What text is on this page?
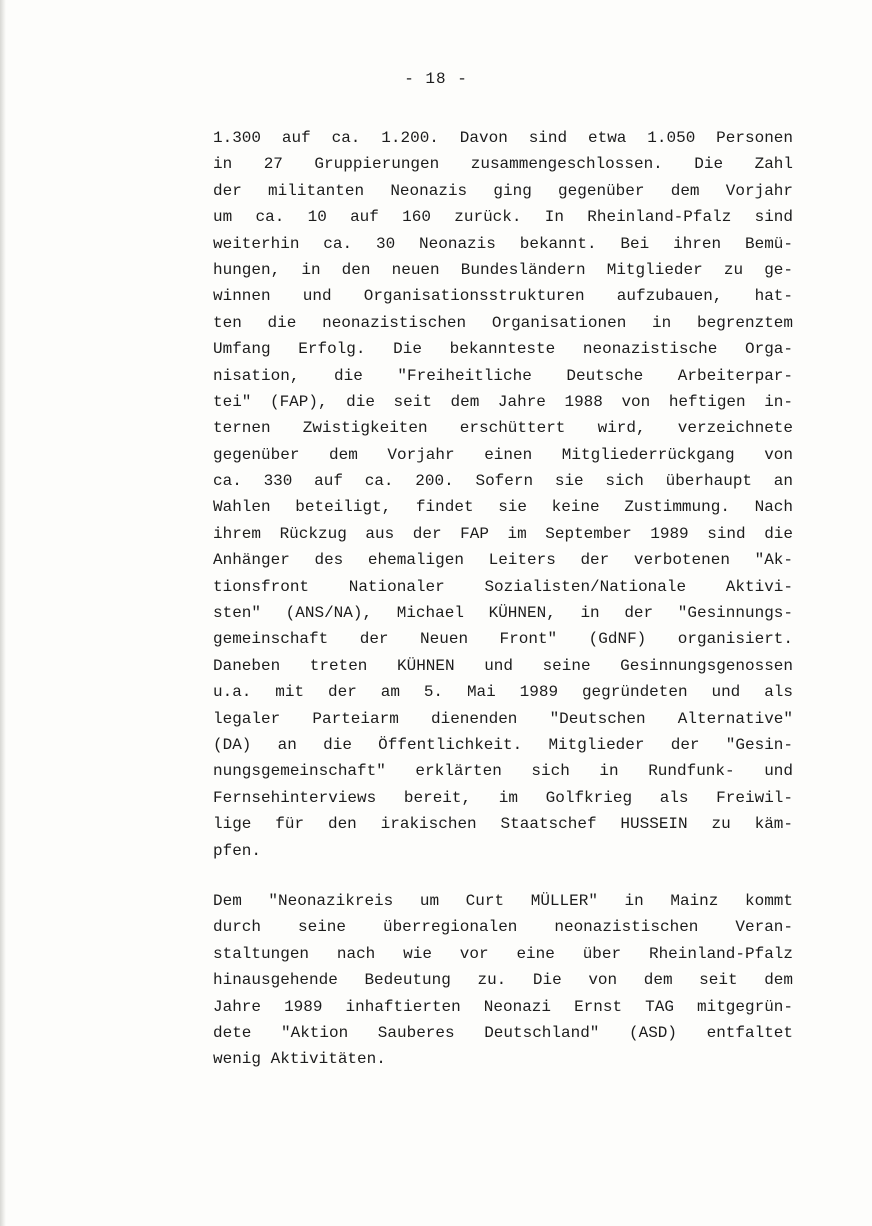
- 18 -
1.300 auf ca. 1.200. Davon sind etwa 1.050 Personen
in 27 Gruppierungen zusammengeschlossen. Die Zahl
der militanten Neonazis ging gegenüber dem Vorjahr
um ca. 10 auf 160 zurück. In Rheinland-Pfalz sind
weiterhin ca. 30 Neonazis bekannt. Bei ihren Bemü-
hungen, in den neuen Bundesländern Mitglieder zu ge-
winnen und Organisationsstrukturen aufzubauen, hat-
ten die neonazistischen Organisationen in begrenztem
Umfang Erfolg. Die bekannteste neonazistische Orga-
nisation, die "Freiheitliche Deutsche Arbeiterpar-
tei" (FAP), die seit dem Jahre 1988 von heftigen in-
ternen Zwistigkeiten erschüttert wird, verzeichnete
gegenüber dem Vorjahr einen Mitgliederrückgang von
ca. 330 auf ca. 200. Sofern sie sich überhaupt an
Wahlen beteiligt, findet sie keine Zustimmung. Nach
ihrem Rückzug aus der FAP im September 1989 sind die
Anhänger des ehemaligen Leiters der verbotenen "Ak-
tionsfront Nationaler Sozialisten/Nationale Aktivi-
sten" (ANS/NA), Michael KÜHNEN, in der "Gesinnungs-
gemeinschaft der Neuen Front" (GdNF) organisiert.
Daneben treten KÜHNEN und seine Gesinnungsgenossen
u.a. mit der am 5. Mai 1989 gegründeten und als
legaler Parteiarm dienenden "Deutschen Alternative"
(DA) an die Öffentlichkeit. Mitglieder der "Gesin-
nungsgemeinschaft" erklärten sich in Rundfunk- und
Fernsehinterviews bereit, im Golfkrieg als Freiwil-
lige für den irakischen Staatschef HUSSEIN zu käm-
pfen.
Dem "Neonazikreis um Curt MÜLLER" in Mainz kommt
durch seine überregionalen neonazistischen Veran-
staltungen nach wie vor eine über Rheinland-Pfalz
hinausgehende Bedeutung zu. Die von dem seit dem
Jahre 1989 inhaftierten Neonazi Ernst TAG mitgegrün-
dete "Aktion Sauberes Deutschland" (ASD) entfaltet
wenig Aktivitäten.
